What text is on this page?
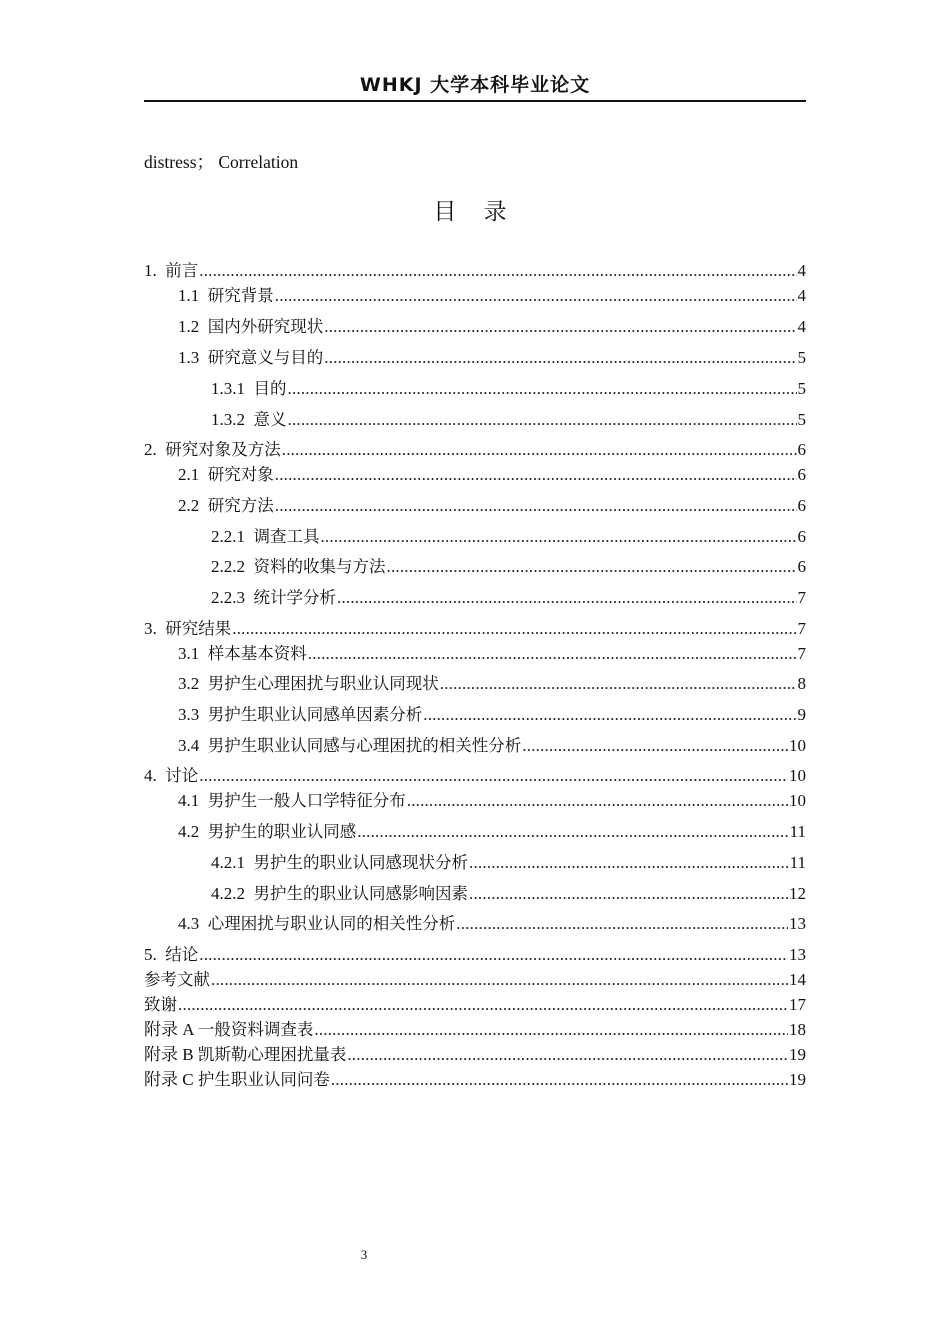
WHKJ 大学本科毕业论文
distress； Correlation
目 录
1. 前言 .....	4
1.1 研究背景 .....	4
1.2 国内外研究现状 .....	4
1.3 研究意义与目的 .....	5
1.3.1 目的 .....	5
1.3.2 意义 .....	5
2. 研究对象及方法 .....	6
2.1 研究对象 .....	6
2.2 研究方法 .....	6
2.2.1 调查工具 .....	6
2.2.2 资料的收集与方法 .....	6
2.2.3 统计学分析 .....	7
3. 研究结果 .....	7
3.1 样本基本资料 .....	7
3.2 男护生心理困扰与职业认同现状 .....	8
3.3 男护生职业认同感单因素分析 .....	9
3.4 男护生职业认同感与心理困扰的相关性分析 .....	10
4. 讨论 .....	10
4.1 男护生一般人口学特征分布 .....	10
4.2 男护生的职业认同感 .....	11
4.2.1 男护生的职业认同感现状分析 .....	11
4.2.2 男护生的职业认同感影响因素 .....	12
4.3 心理困扰与职业认同的相关性分析 .....	13
5. 结论 .....	13
参考文献 .....	14
致谢 .....	17
附录 A 一般资料调查表 .....	18
附录 B 凯斯勒心理困扰量表 .....	19
附录 C 护生职业认同问卷 .....	19
3
